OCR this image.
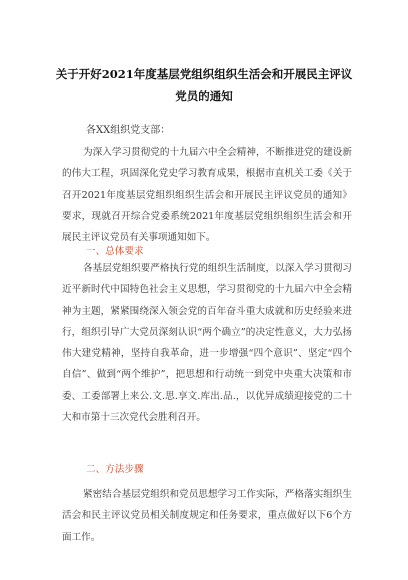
关于开好2021年度基层党组织组织生活会和开展民主评议
党员的通知
各XX组织党支部：
为深入学习贯彻党的十九届六中全会精神，不断推进党的建设新的伟大工程，巩固深化党史学习教育成果，根据市直机关工委《关于召开2021年度基层党组织组织生活会和开展民主评议党员的通知》要求，现就召开综合党委系统2021年度基层党组织组织生活会和开展民主评议党员有关事项通知如下。
一、总体要求
各基层党组织要严格执行党的组织生活制度，以深入学习贯彻习近平新时代中国特色社会主义思想，学习贯彻党的十九届六中全会精神为主题，紧紧围绕深入领会党的百年奋斗重大成就和历史经验来进行，组织引导广大党员深刻认识“两个确立”的决定性意义，大力弘扬伟大建党精神，坚持自我革命，进一步增强“四个意识”、坚定“四个自信”、做到“两个维护”，把思想和行动统一到党中央重大决策和市委、工委部署上来公.文.思.享文.库出.品.，以优异成绩迎接党的二十大和市第十三次党代会胜利召开。
二、方法步骤
紧密结合基层党组织和党员思想学习工作实际，严格落实组织生活会和民主评议党员相关制度规定和任务要求，重点做好以下6个方面工作。
